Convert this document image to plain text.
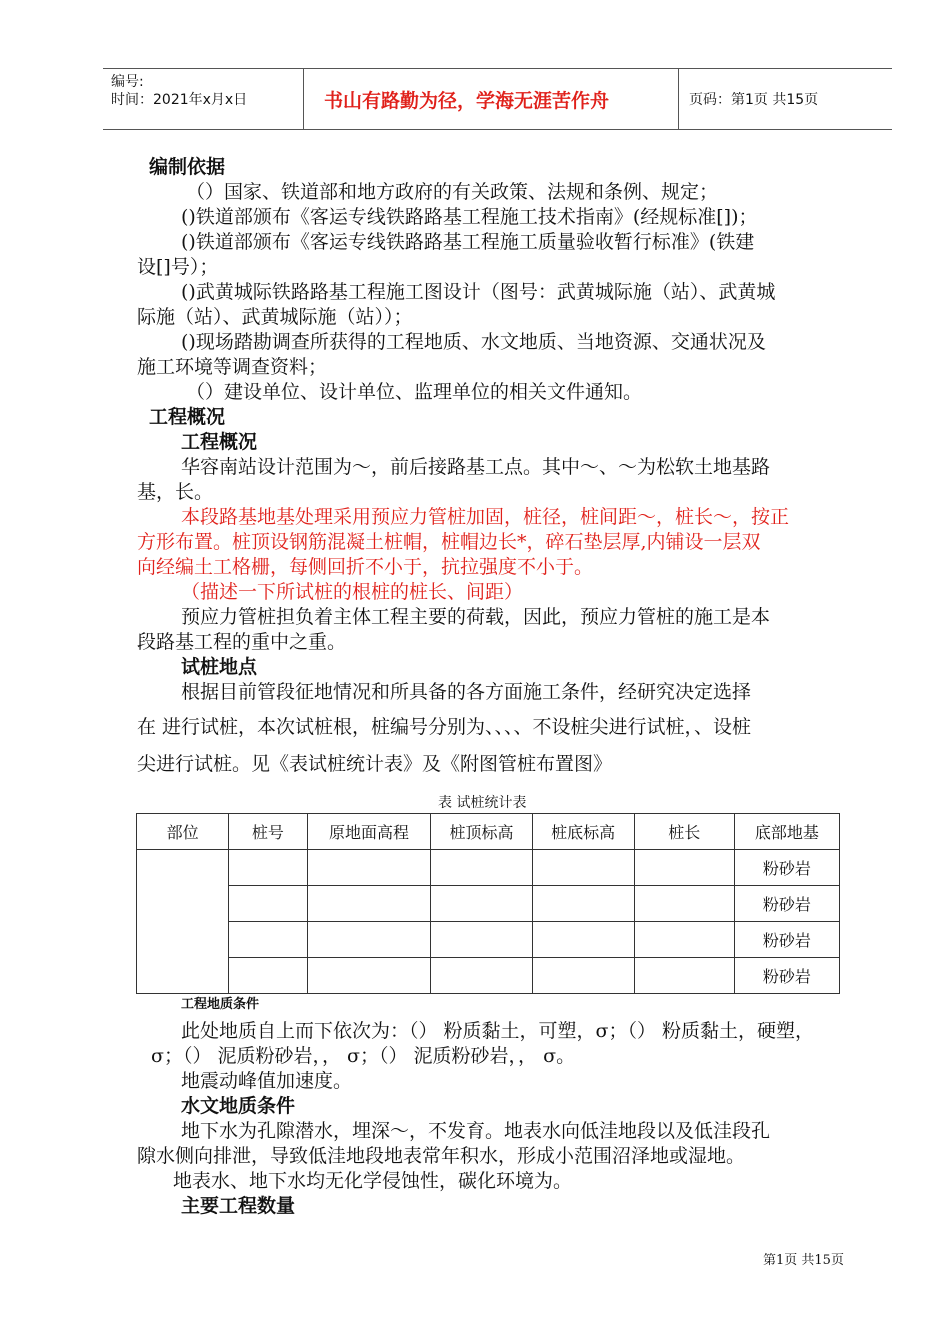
编号:
时间：2021年x月x日	书山有路勤为径，学海无涯苦作舟	页码：第1页 共15页
编制依据
（）国家、铁道部和地方政府的有关政策、法规和条例、规定；
()铁道部颁布《客运专线铁路路基工程施工技术指南》(经规标准[])；
()铁道部颁布《客运专线铁路路基工程施工质量验收暂行标准》(铁建
设[]号）；
()武黄城际铁路路基工程施工图设计（图号：武黄城际施（站）、武黄城
际施（站）、武黄城际施（站））；
()现场踏勘调查所获得的工程地质、水文地质、当地资源、交通状况及
施工环境等调查资料；
（）建设单位、设计单位、监理单位的相关文件通知。
工程概况
工程概况
华容南站设计范围为～，前后接路基工点。其中～、～为松软土地基路
基，长。
本段路基地基处理采用预应力管桩加固，桩径，桩间距～，桩长～，按正
方形布置。桩顶设钢筋混凝土桩帽，桩帽边长*，碎石垫层厚,内铺设一层双
向经编土工格栅，每侧回折不小于，抗拉强度不小于。
（描述一下所试桩的根桩的桩长、间距）
预应力管桩担负着主体工程主要的荷载，因此，预应力管桩的施工是本
段路基工程的重中之重。
试桩地点
根据目前管段征地情况和所具备的各方面施工条件，经研究决定选择
在 进行试桩，本次试桩根，桩编号分别为、、、、不设桩尖进行试桩，、设桩
尖进行试桩。见《表试桩统计表》及《附图管桩布置图》
表 试桩统计表
部位	桩号	原地面高程	桩顶标高	桩底标高	桩长	底部地基
						粉砂岩
						粉砂岩
						粉砂岩
						粉砂岩
工程地质条件
此处地质自上而下依次为：（） 粉质黏土，可塑，σ；（） 粉质黏土，硬塑，
σ；（） 泥质粉砂岩，， σ；（） 泥质粉砂岩，， σ。
地震动峰值加速度。
水文地质条件
地下水为孔隙潜水，埋深～，不发育。地表水向低洼地段以及低洼段孔
隙水侧向排泄，导致低洼地段地表常年积水，形成小范围沼泽地或湿地。
地表水、地下水均无化学侵蚀性，碳化环境为。
主要工程数量
第1页 共15页
